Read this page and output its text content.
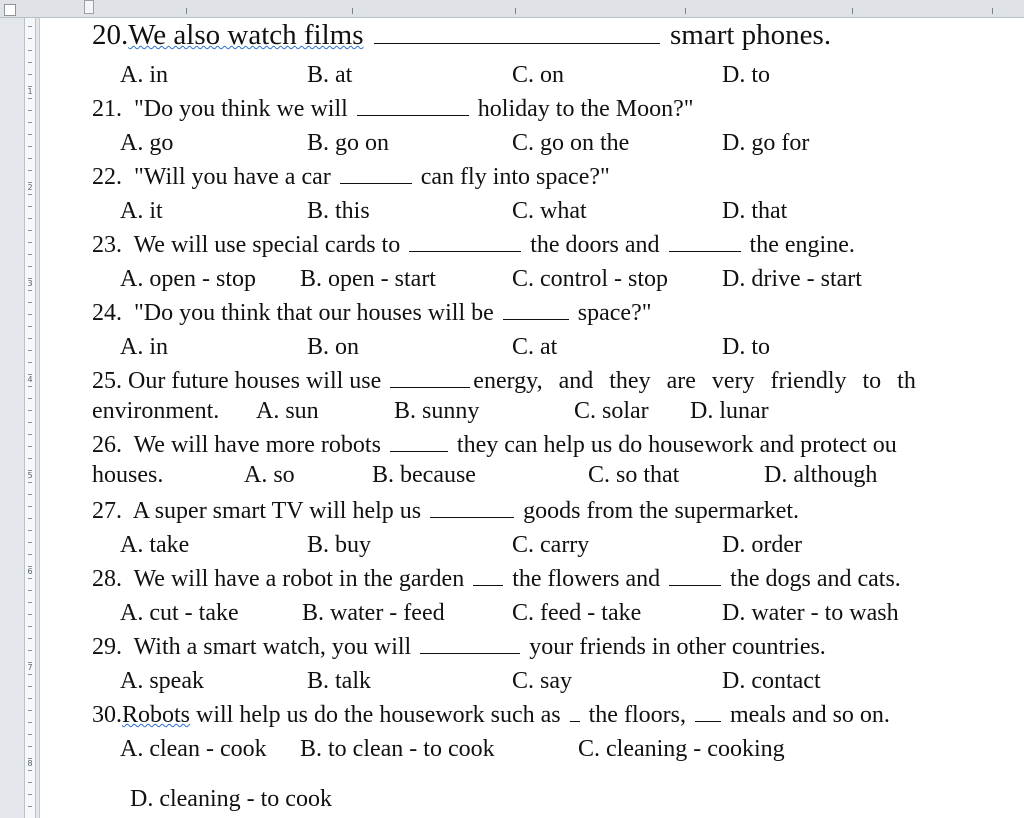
1
2
3
4
5
6
7
8
20.We also watch films	smart phones.
A. in	B. at	C. on	D. to
21. "Do you think we will	holiday to the Moon?"
A. go	B. go on	C. go on the	D. go for
22. "Will you have a car	can fly into space?"
A. it	B. this	C. what	D. that
23. We will use special cards to	the doors and	the engine.
A. open - stop B. open - start	C. control - stop D. drive - start
24. "Do you think that our houses will be	space?"
A. in	B. on	C. at	D. to
25. Our future houses will use	energy, and they are very friendly to th
environment. A. sun	B. sunny	C. solar D. lunar
26. We will have more robots	they can help us do housework and protect ou
houses.	A. so	B. because	C. so that	D. although
27. A super smart TV will help us	goods from the supermarket.
A. take	B. buy	C. carry	D. order
28. We will have a robot in the garden the flowers and	the dogs and cats.
A. cut - take	B. water - feed	C. feed - take	D. water - to wash
29. With a smart watch, you will	your friends in other countries.
A. speak	B. talk	C. say	D. contact
30.Robots will help us do the housework such as the floors, meals and so on.
A. clean - cook B. to clean - to cook	C. cleaning - cooking
D. cleaning - to cook
